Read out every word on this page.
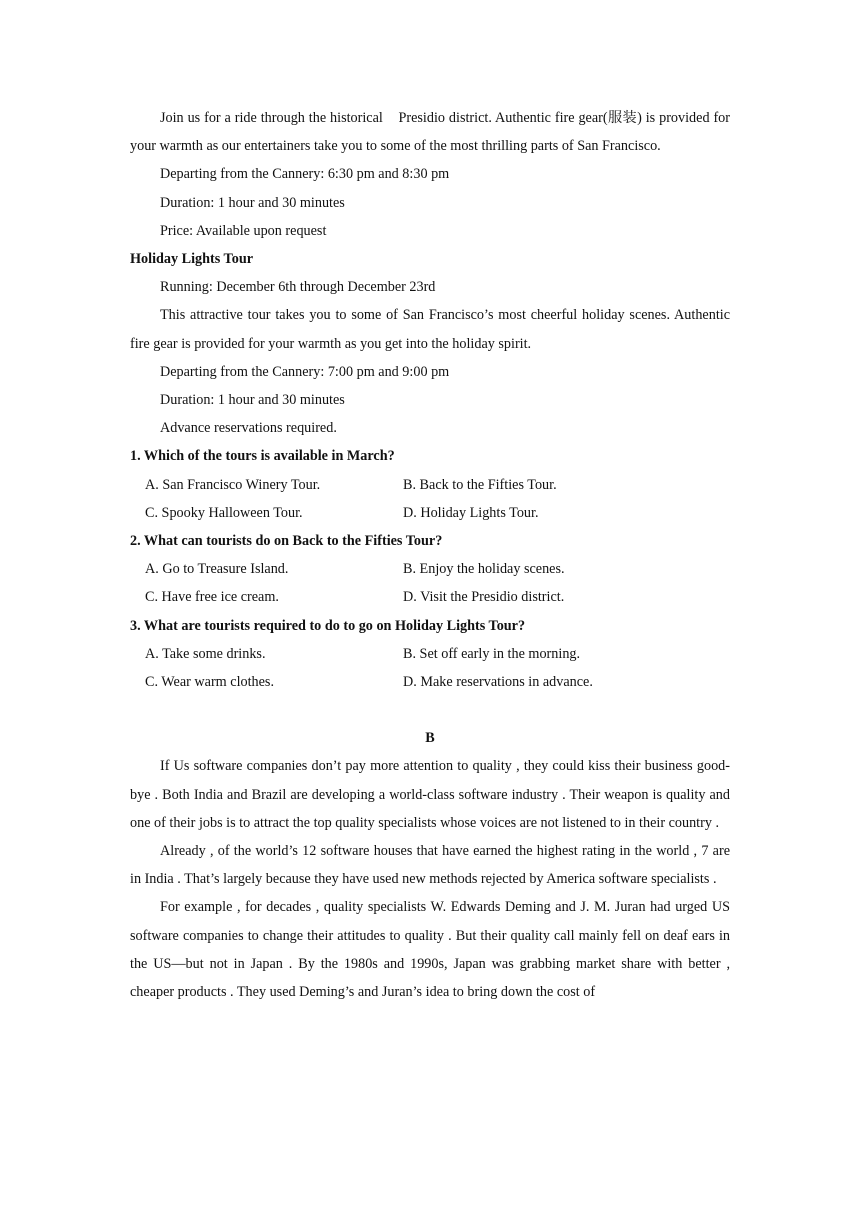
Join us for a ride through the historical    Presidio district. Authentic fire gear(服装) is provided for your warmth as our entertainers take you to some of the most thrilling parts of San Francisco.

Departing from the Cannery: 6:30 pm and 8:30 pm

Duration: 1 hour and 30 minutes

Price: Available upon request

Holiday Lights Tour

Running: December 6th through December 23rd

This attractive tour takes you to some of San Francisco’s most cheerful holiday scenes. Authentic fire gear is provided for your warmth as you get into the holiday spirit.

Departing from the Cannery: 7:00 pm and 9:00 pm

Duration: 1 hour and 30 minutes

Advance reservations required.

1. Which of the tours is available in March?

A. San Francisco Winery Tour.	B. Back to the Fifties Tour.
C. Spooky Halloween Tour.	D. Holiday Lights Tour.

2. What can tourists do on Back to the Fifties Tour?

A. Go to Treasure Island.	B. Enjoy the holiday scenes.
C. Have free ice cream.	D. Visit the Presidio district.

3. What are tourists required to do to go on Holiday Lights Tour?

A. Take some drinks.	B. Set off early in the morning.
C. Wear warm clothes.	D. Make reservations in advance.

B

If Us software companies don’t pay more attention to quality , they could kiss their business good-bye . Both India and Brazil are developing a world-class software industry . Their weapon is quality and one of their jobs is to attract the top quality specialists whose voices are not listened to in their country .

Already , of the world’s 12 software houses that have earned the highest rating in the world , 7 are in India . That’s largely because they have used new methods rejected by America software specialists .

For example , for decades , quality specialists W. Edwards Deming and J. M. Juran had urged US software companies to change their attitudes to quality . But their quality call mainly fell on deaf ears in the US—but not in Japan . By the 1980s and 1990s, Japan was grabbing market share with better , cheaper products . They used Deming’s and Juran’s idea to bring down the cost of
